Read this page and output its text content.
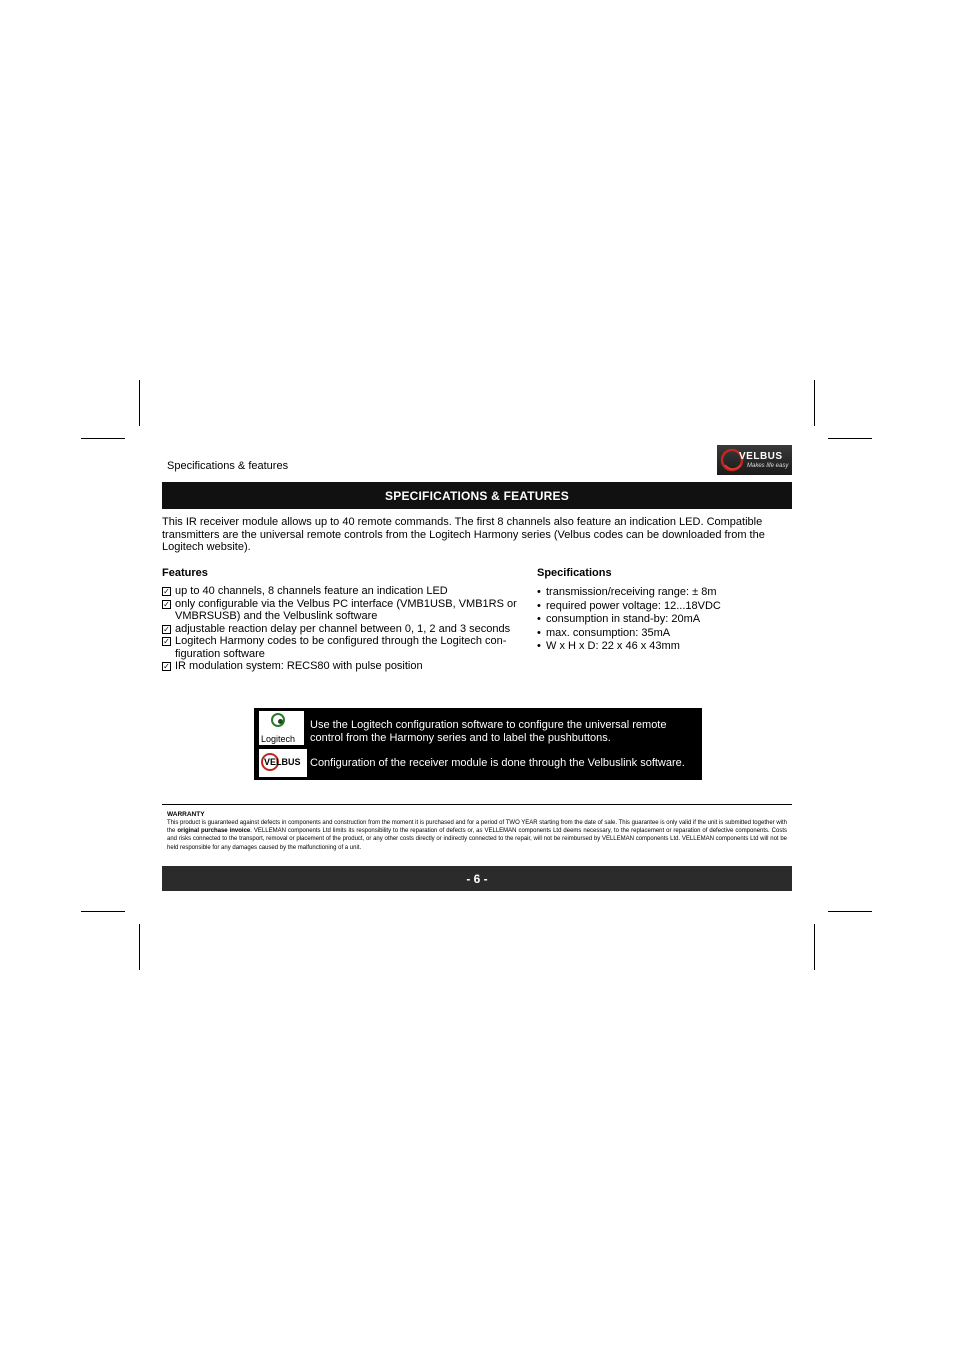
Specifications & features
VELBUS
Makes life easy
SPECIFICATIONS & FEATURES

This IR receiver module allows up to 40 remote commands. The first 8 channels also feature an indication LED. Compatible transmitters are the universal remote controls from the Logitech Harmony series (Velbus codes can be downloaded from the Logitech website).

Features
✓ up to 40 channels, 8 channels feature an indication LED
✓ only configurable via the Velbus PC interface (VMB1USB, VMB1RS or VMBRSUSB) and the Velbuslink software
✓ adjustable reaction delay per channel between 0, 1, 2 and 3 seconds
✓ Logitech Harmony codes to be configured through the Logitech con-figuration software
✓ IR modulation system: RECS80 with pulse position
Specifications
• transmission/receiving range: ± 8m
• required power voltage: 12...18VDC
• consumption in stand-by: 20mA
• max. consumption: 35mA
• W x H x D: 22 x 46 x 43mm
Logitech
Use the Logitech configuration software to configure the universal remote control from the Harmony series and to label the pushbuttons.
VELBUS Configuration of the receiver module is done through the Velbuslink software.
WARRANTY
This product is guaranteed against defects in components and construction from the moment it is purchased and for a period of TWO YEAR starting from the date of sale. This guarantee is only valid if the unit is submitted together with the original purchase invoice. VELLEMAN components Ltd limits its responsibility to the reparation of defects or, as VELLEMAN components Ltd deems necessary, to the replacement or reparation of defective components. Costs and risks connected to the transport, removal or placement of the product, or any other costs directly or indirectly connected to the repair, will not be reimbursed by VELLEMAN components Ltd. VELLEMAN components Ltd will not be held responsible for any damages caused by the malfunctioning of a unit.
- 6 -
